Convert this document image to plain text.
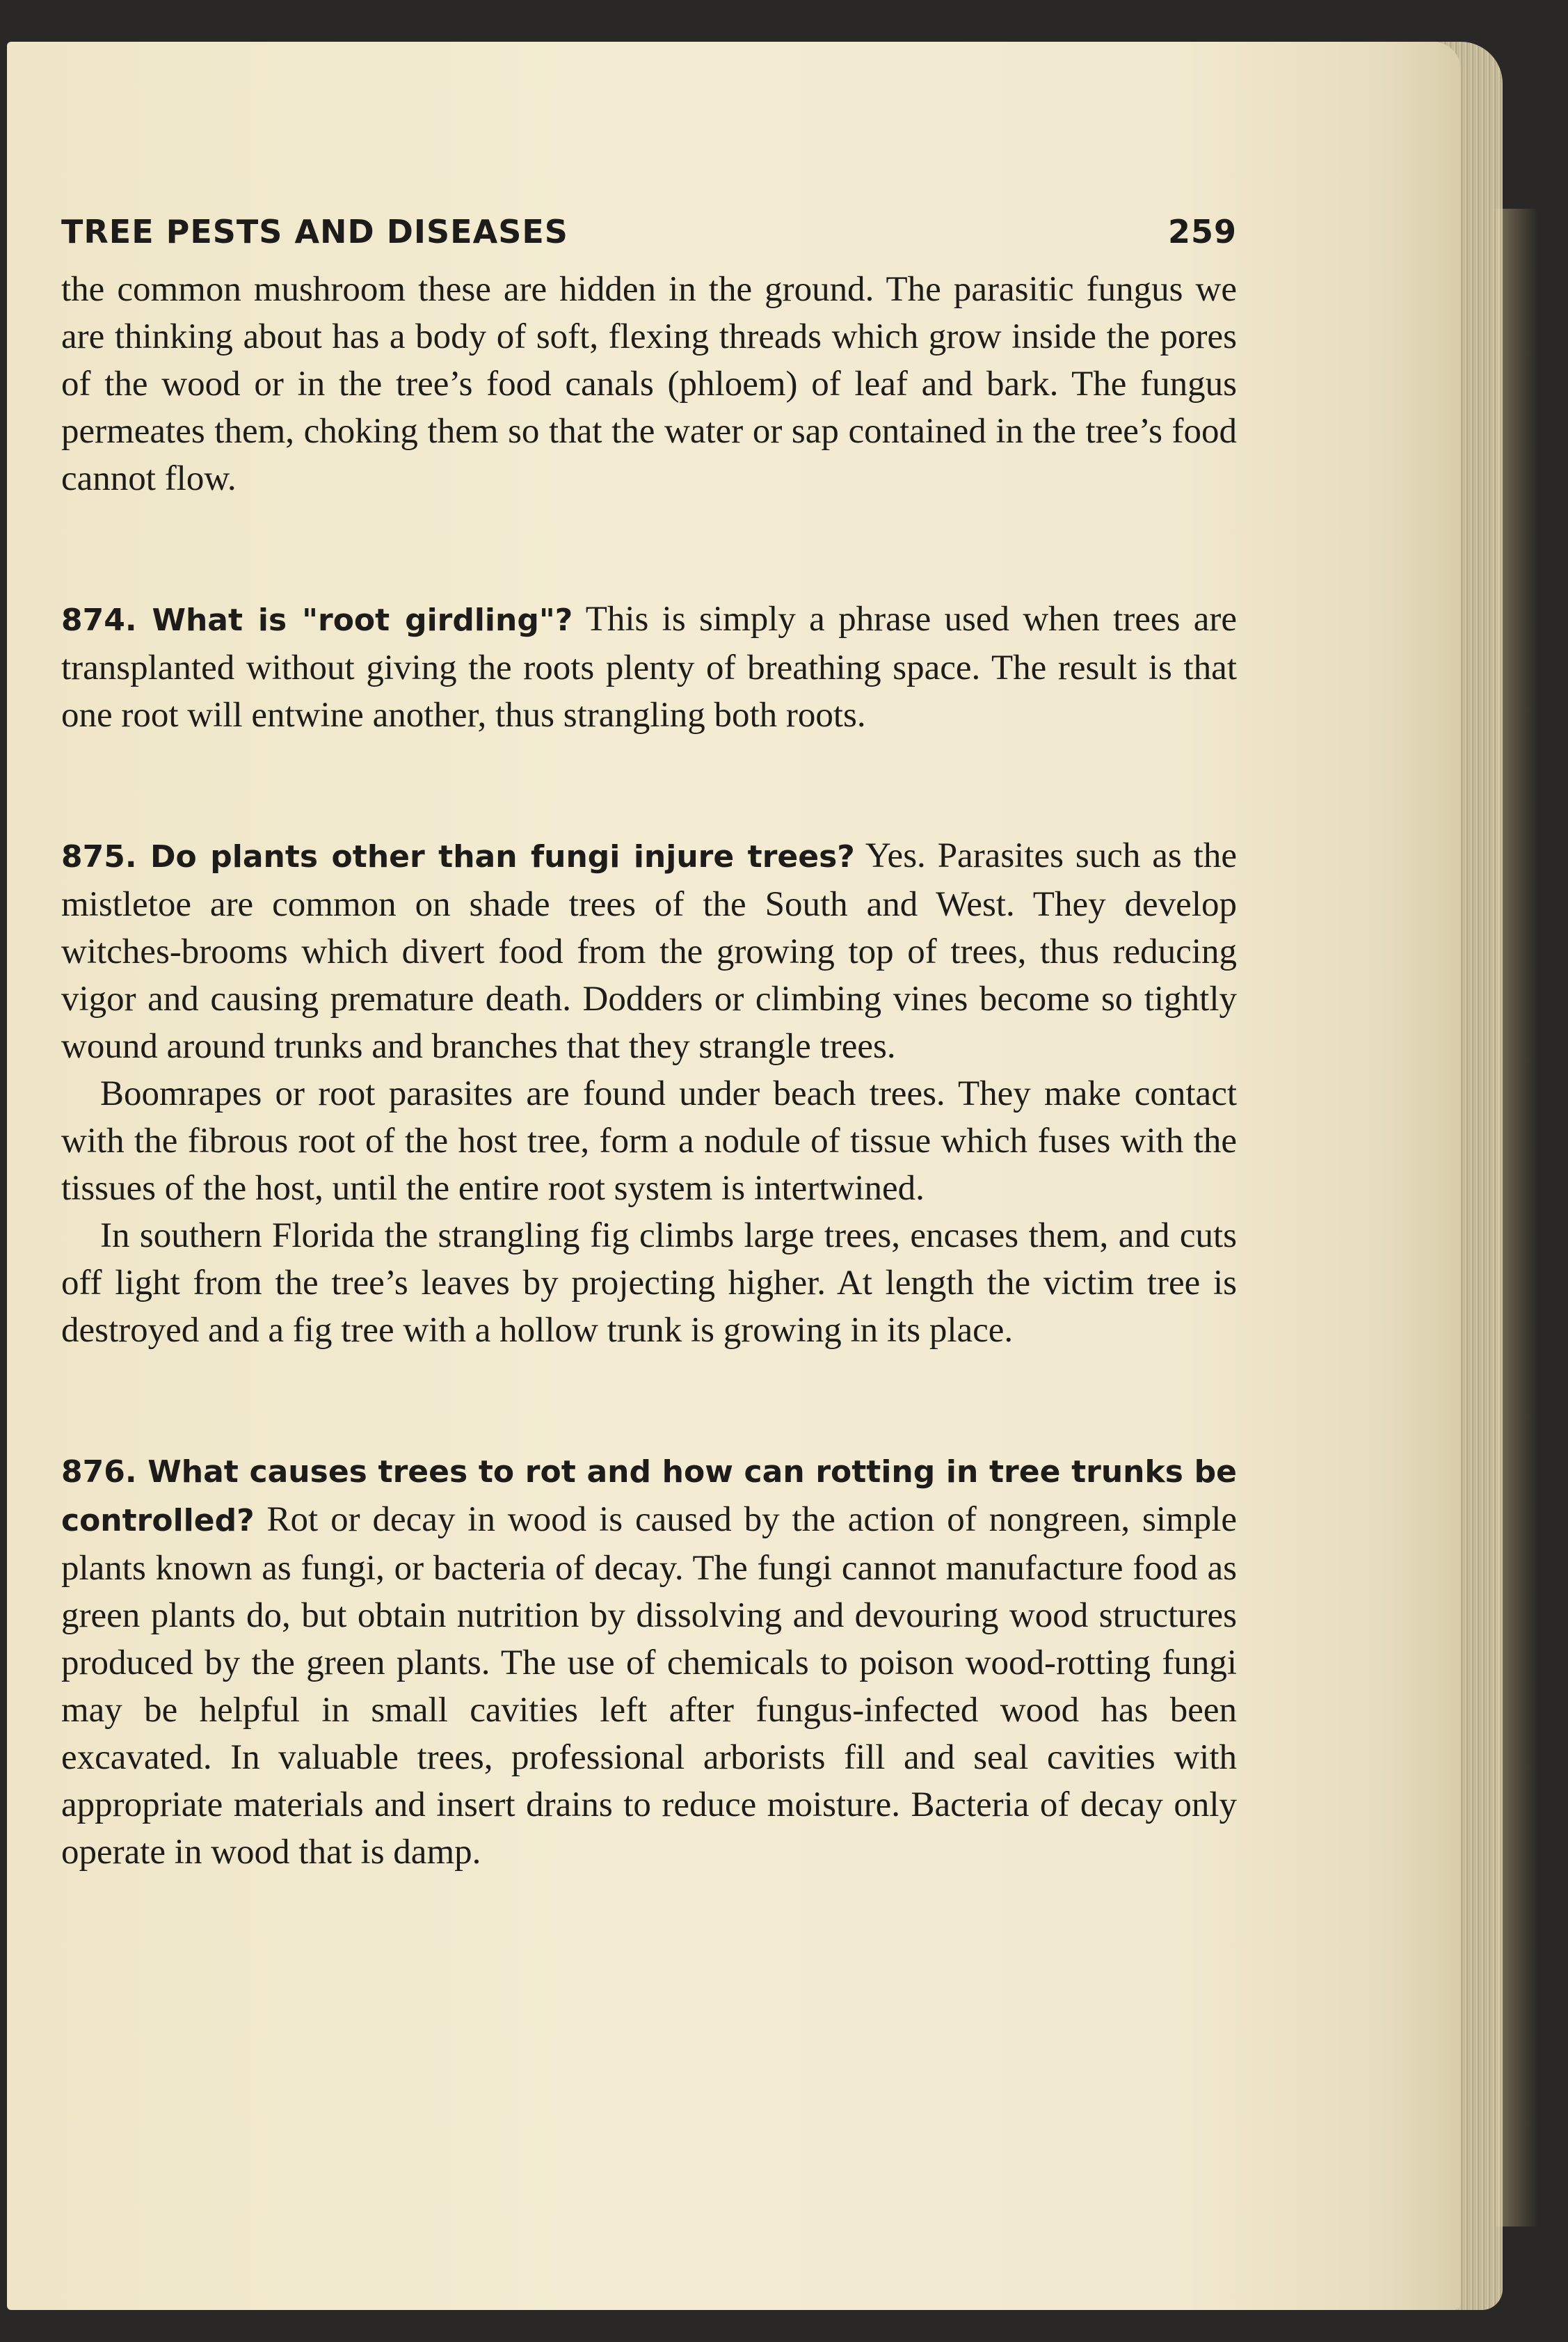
TREE PESTS AND DISEASES	259

the common mushroom these are hidden in the ground. The parasitic fungus we are thinking about has a body of soft, flexing threads which grow inside the pores of the wood or in the tree’s food canals (phloem) of leaf and bark. The fungus permeates them, choking them so that the water or sap contained in the tree’s food cannot flow.

874. What is "root girdling"? This is simply a phrase used when trees are transplanted without giving the roots plenty of breathing space. The result is that one root will entwine another, thus strangling both roots.

875. Do plants other than fungi injure trees? Yes. Parasites such as the mistletoe are common on shade trees of the South and West. They develop witches-brooms which divert food from the growing top of trees, thus reducing vigor and causing premature death. Dodders or climbing vines become so tightly wound around trunks and branches that they strangle trees.

Boomrapes or root parasites are found under beach trees. They make contact with the fibrous root of the host tree, form a nodule of tissue which fuses with the tissues of the host, until the entire root system is intertwined.

In southern Florida the strangling fig climbs large trees, encases them, and cuts off light from the tree’s leaves by projecting higher. At length the victim tree is destroyed and a fig tree with a hollow trunk is growing in its place.

876. What causes trees to rot and how can rotting in tree trunks be controlled? Rot or decay in wood is caused by the action of nongreen, simple plants known as fungi, or bacteria of decay. The fungi cannot manufacture food as green plants do, but obtain nutrition by dissolving and devouring wood structures produced by the green plants. The use of chemicals to poison wood-rotting fungi may be helpful in small cavities left after fungus-infected wood has been excavated. In valuable trees, professional arborists fill and seal cavities with appropriate materials and insert drains to reduce moisture. Bacteria of decay only operate in wood that is damp.
